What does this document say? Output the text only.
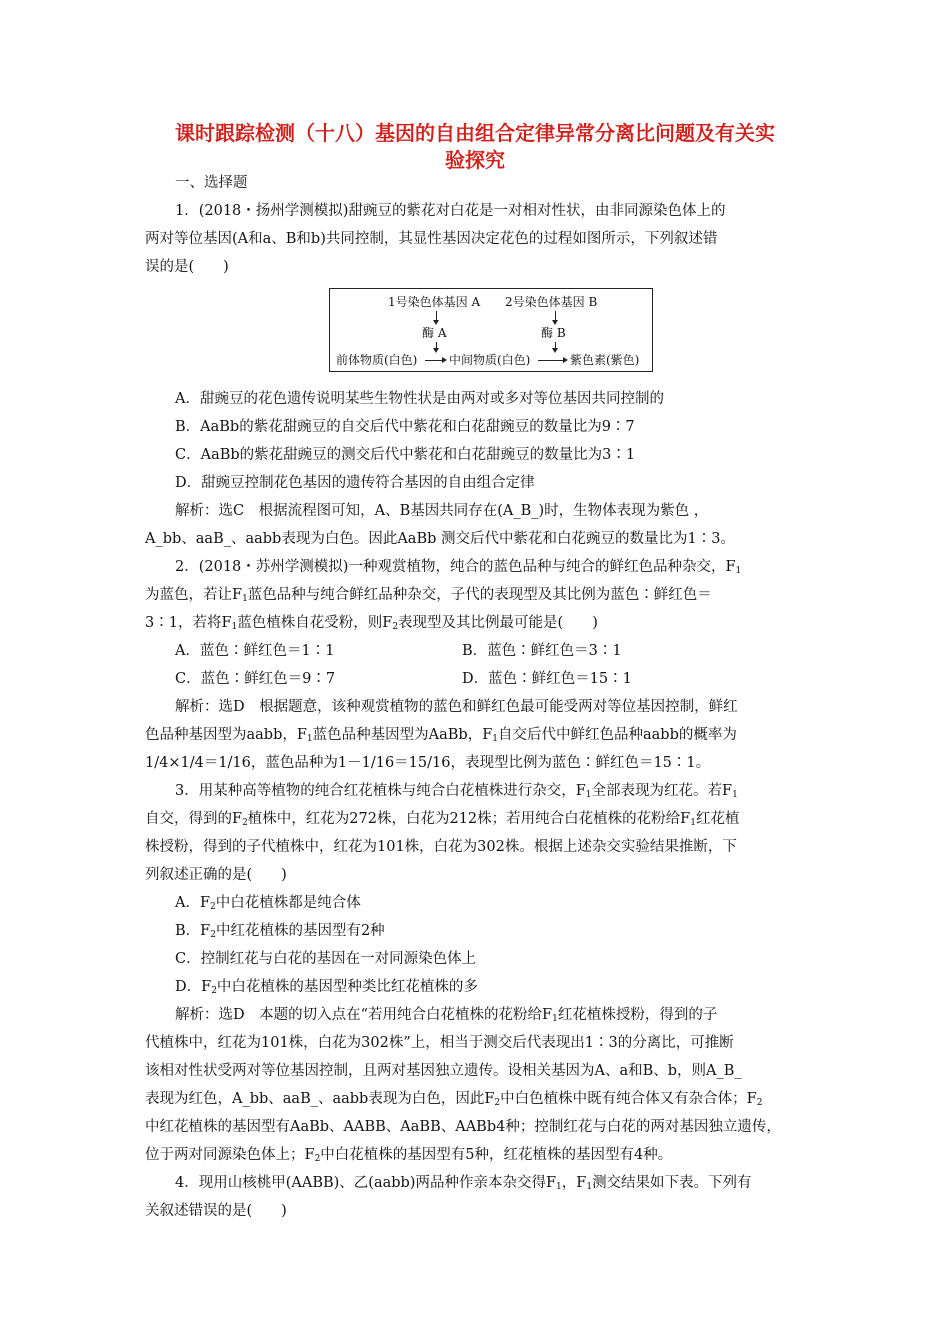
课时跟踪检测（十八）基因的自由组合定律异常分离比问题及有关实
验探究
一、选择题
1．(2018・扬州学测模拟)甜豌豆的紫花对白花是一对相对性状，由非同源染色体上的
两对等位基因(A和a、B和b)共同控制，其显性基因决定花色的过程如图所示，下列叙述错
误的是(　　)
1号染色体基因 A 2号染色体基因 B
酶 A	酶 B
前体物质(白色)	中间物质(白色)	紫色素(紫色)
A．甜豌豆的花色遗传说明某些生物性状是由两对或多对等位基因共同控制的
B．AaBb的紫花甜豌豆的自交后代中紫花和白花甜豌豆的数量比为9∶7
C．AaBb的紫花甜豌豆的测交后代中紫花和白花甜豌豆的数量比为3∶1
D．甜豌豆控制花色基因的遗传符合基因的自由组合定律
解析：选C　根据流程图可知，A、B基因共同存在(A_B_)时，生物体表现为紫色 ，
A_bb、aaB_、aabb表现为白色。因此AaBb 测交后代中紫花和白花豌豆的数量比为1∶3。
2．(2018・苏州学测模拟)一种观赏植物，纯合的蓝色品种与纯合的鲜红色品种杂交，$F_1$
为蓝色，若让$F_1$蓝色品种与纯合鲜红品种杂交，子代的表现型及其比例为蓝色∶鲜红色＝
3∶1，若将$F_1$蓝色植株自花受粉，则$F_2$表现型及其比例最可能是(　　)
A．蓝色∶鲜红色＝1∶1	B．蓝色∶鲜红色＝3∶1
C．蓝色∶鲜红色＝9∶7	D．蓝色∶鲜红色＝15∶1
解析：选D　根据题意，该种观赏植物的蓝色和鲜红色最可能受两对等位基因控制，鲜红
色品种基因型为aabb，$F_1$蓝色品种基因型为AaBb，$F_1$自交后代中鲜红色品种aabb的概率为
1/4×1/4＝1/16，蓝色品种为1－1/16＝15/16，表现型比例为蓝色∶鲜红色＝15∶1。
3．用某种高等植物的纯合红花植株与纯合白花植株进行杂交，$F_1$全部表现为红花。若$F_1$
自交，得到的$F_2$植株中，红花为272株，白花为212株；若用纯合白花植株的花粉给$F_1$红花植
株授粉，得到的子代植株中，红花为101株，白花为302株。根据上述杂交实验结果推断，下
列叙述正确的是(　　)
A．$F_2$中白花植株都是纯合体
B．$F_2$中红花植株的基因型有2种
C．控制红花与白花的基因在一对同源染色体上
D．$F_2$中白花植株的基因型种类比红花植株的多
解析：选D　本题的切入点在“若用纯合白花植株的花粉给$F_1$红花植株授粉，得到的子
代植株中，红花为101株，白花为302株”上，相当于测交后代表现出1∶3的分离比，可推断
该相对性状受两对等位基因控制，且两对基因独立遗传。设相关基因为A、a和B、b，则A_B_
表现为红色，A_bb、aaB_、aabb表现为白色，因此$F_2$中白色植株中既有纯合体又有杂合体；$F_2$
中红花植株的基因型有AaBb、AABB、AaBB、AABb4种；控制红花与白花的两对基因独立遗传，
位于两对同源染色体上；$F_2$中白花植株的基因型有5种，红花植株的基因型有4种。
4．现用山核桃甲(AABB)、乙(aabb)两品种作亲本杂交得$F_1$，$F_1$测交结果如下表。下列有
关叙述错误的是(　　)
